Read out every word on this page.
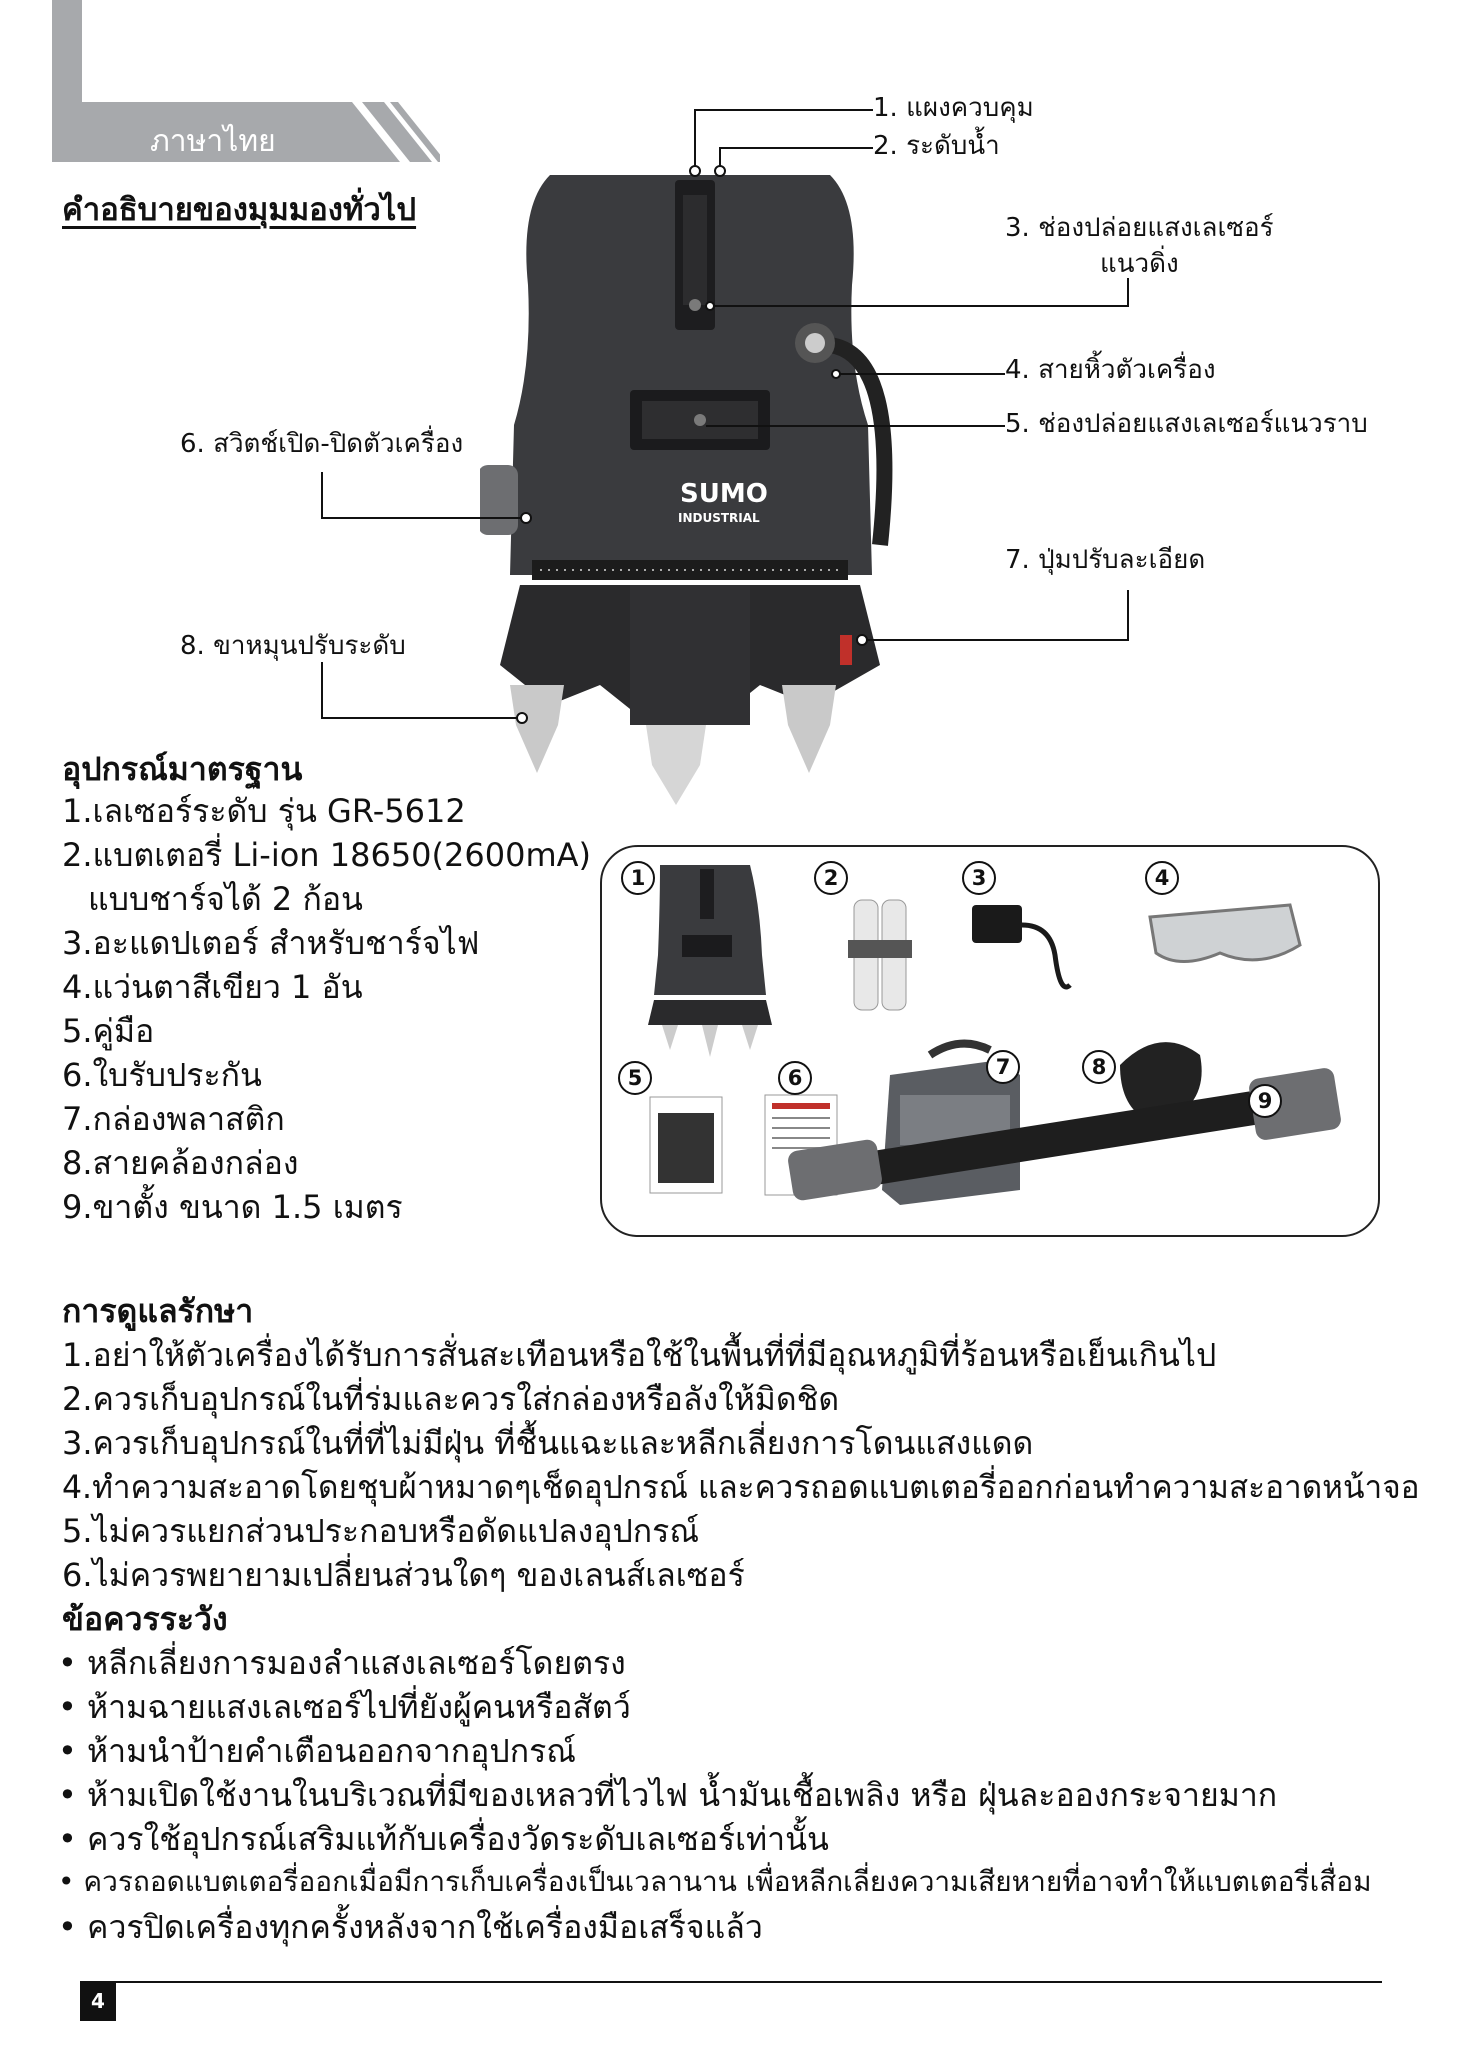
ภาษาไทย
คำอธิบายของมุมมองทั่วไป
SUMO
INDUSTRIAL
1. แผงควบคุม
2. ระดับน้ำ
3. ช่องปล่อยแสงเลเซอร์
แนวดิ่ง
4. สายหิ้วตัวเครื่อง
5. ช่องปล่อยแสงเลเซอร์แนวราบ
6. สวิตช์เปิด-ปิดตัวเครื่อง
7. ปุ่มปรับละเอียด
8. ขาหมุนปรับระดับ
อุปกรณ์มาตรฐาน
1.เลเซอร์ระดับ รุ่น GR-5612
2.แบตเตอรี่ Li-ion 18650(2600mA)
แบบชาร์จได้ 2 ก้อน
3.อะแดปเตอร์ สำหรับชาร์จไฟ
4.แว่นตาสีเขียว 1 อัน
5.คู่มือ
6.ใบรับประกัน
7.กล่องพลาสติก
8.สายคล้องกล่อง
9.ขาตั้ง ขนาด 1.5 เมตร
1	2	3	4
5	6	7	8
9
การดูแลรักษา
1.อย่าให้ตัวเครื่องได้รับการสั่นสะเทือนหรือใช้ในพื้นที่ที่มีอุณหภูมิที่ร้อนหรือเย็นเกินไป
2.ควรเก็บอุปกรณ์ในที่ร่มและควรใส่กล่องหรือลังให้มิดชิด
3.ควรเก็บอุปกรณ์ในที่ที่ไม่มีฝุ่น ที่ชื้นแฉะและหลีกเลี่ยงการโดนแสงแดด
4.ทำความสะอาดโดยชุบผ้าหมาดๆเช็ดอุปกรณ์ และควรถอดแบตเตอรี่ออกก่อนทำความสะอาดหน้าจอ
5.ไม่ควรแยกส่วนประกอบหรือดัดแปลงอุปกรณ์
6.ไม่ควรพยายามเปลี่ยนส่วนใดๆ ของเลนส์เลเซอร์
ข้อควรระวัง
• หลีกเลี่ยงการมองลำแสงเลเซอร์โดยตรง
• ห้ามฉายแสงเลเซอร์ไปที่ยังผู้คนหรือสัตว์
• ห้ามนำป้ายคำเตือนออกจากอุปกรณ์
• ห้ามเปิดใช้งานในบริเวณที่มีของเหลวที่ไวไฟ น้ำมันเชื้อเพลิง หรือ ฝุ่นละอองกระจายมาก
• ควรใช้อุปกรณ์เสริมแท้กับเครื่องวัดระดับเลเซอร์เท่านั้น
• ควรถอดแบตเตอรี่ออกเมื่อมีการเก็บเครื่องเป็นเวลานาน เพื่อหลีกเลี่ยงความเสียหายที่อาจทำให้แบตเตอรี่เสื่อม
• ควรปิดเครื่องทุกครั้งหลังจากใช้เครื่องมือเสร็จแล้ว
4
